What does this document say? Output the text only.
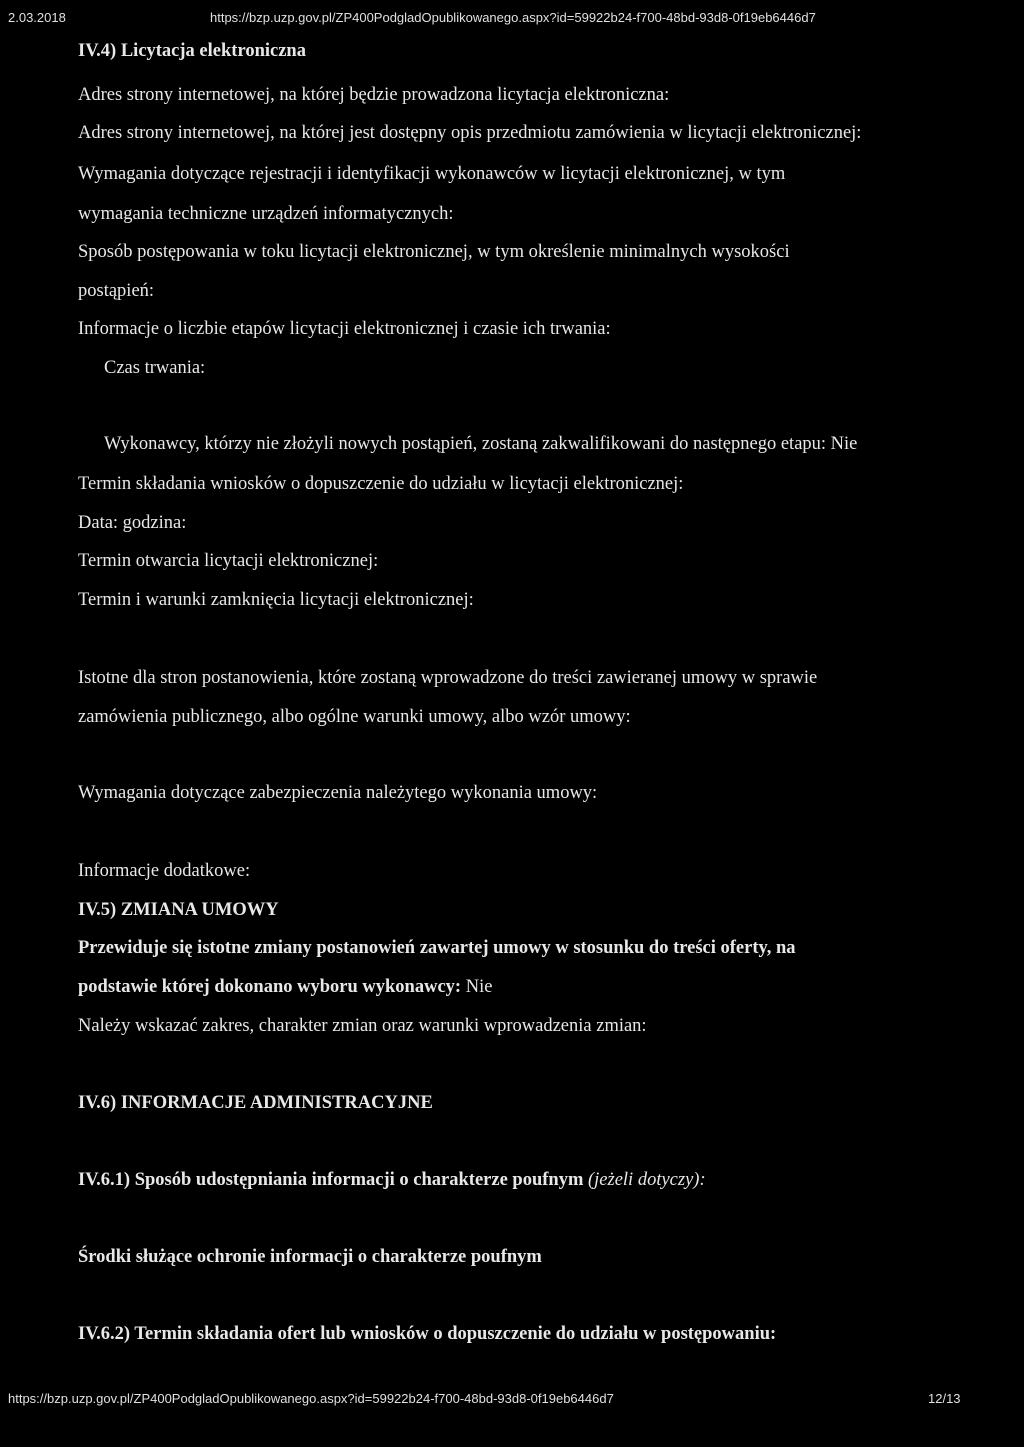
2.03.2018	https://bzp.uzp.gov.pl/ZP400PodgladOpublikowanego.aspx?id=59922b24-f700-48bd-93d8-0f19eb6446d7
IV.4) Licytacja elektroniczna
Adres strony internetowej, na której będzie prowadzona licytacja elektroniczna:
Adres strony internetowej, na której jest dostępny opis przedmiotu zamówienia w licytacji elektronicznej:
Wymagania dotyczące rejestracji i identyfikacji wykonawców w licytacji elektronicznej, w tym
wymagania techniczne urządzeń informatycznych:
Sposób postępowania w toku licytacji elektronicznej, w tym określenie minimalnych wysokości
postąpień:
Informacje o liczbie etapów licytacji elektronicznej i czasie ich trwania:
Czas trwania:
Wykonawcy, którzy nie złożyli nowych postąpień, zostaną zakwalifikowani do następnego etapu: Nie
Termin składania wniosków o dopuszczenie do udziału w licytacji elektronicznej:
Data: godzina:
Termin otwarcia licytacji elektronicznej:
Termin i warunki zamknięcia licytacji elektronicznej:
Istotne dla stron postanowienia, które zostaną wprowadzone do treści zawieranej umowy w sprawie
zamówienia publicznego, albo ogólne warunki umowy, albo wzór umowy:
Wymagania dotyczące zabezpieczenia należytego wykonania umowy:
Informacje dodatkowe:
IV.5) ZMIANA UMOWY
Przewiduje się istotne zmiany postanowień zawartej umowy w stosunku do treści oferty, na
podstawie której dokonano wyboru wykonawcy: Nie
Należy wskazać zakres, charakter zmian oraz warunki wprowadzenia zmian:
IV.6) INFORMACJE ADMINISTRACYJNE
IV.6.1) Sposób udostępniania informacji o charakterze poufnym (jeżeli dotyczy):
Środki służące ochronie informacji o charakterze poufnym
IV.6.2) Termin składania ofert lub wniosków o dopuszczenie do udziału w postępowaniu:
https://bzp.uzp.gov.pl/ZP400PodgladOpublikowanego.aspx?id=59922b24-f700-48bd-93d8-0f19eb6446d7	12/13
